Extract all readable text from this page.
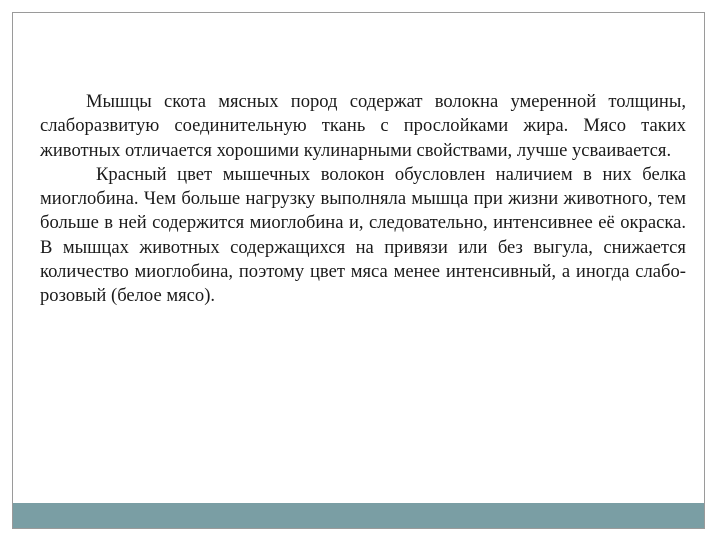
Мышцы скота мясных пород содержат волокна умеренной толщины, слаборазвитую соединительную ткань с прослойками жира. Мясо таких животных отличается хорошими кулинарными свойствами, лучше усваивается.

Красный цвет мышечных волокон обусловлен наличием в них белка миоглобина. Чем больше нагрузку выполняла мышца при жизни животного, тем больше в ней содержится миоглобина и, следовательно, интенсивнее её окраска. В мышцах животных содержащихся на привязи или без выгула, снижается количество миоглобина, поэтому цвет мяса менее интенсивный, а иногда слабо-розовый (белое мясо).
